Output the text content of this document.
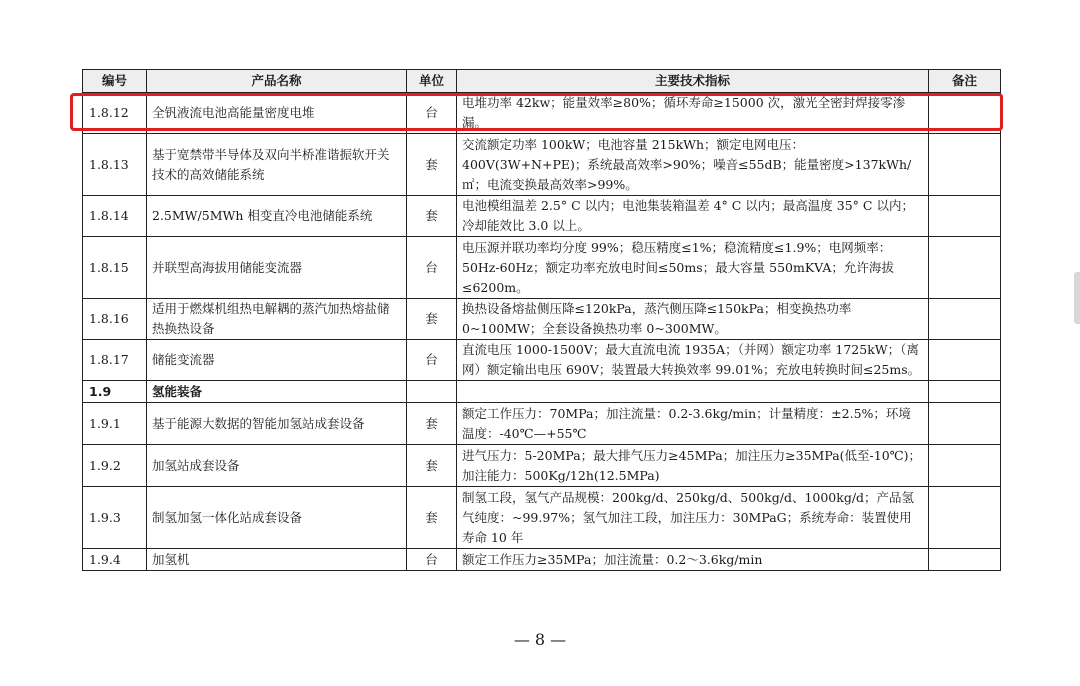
编号	产品名称	单位	主要技术指标	备注
1.8.12	全钒液流电池高能量密度电堆	台	电堆功率 42kw；能量效率≥80%；循环寿命≥15000 次，激光全密封焊接零渗漏。	
1.8.13	基于宽禁带半导体及双向半桥准谐振软开关技术的高效储能系统	套	交流额定功率 100kW；电池容量 215kWh；额定电网电压：400V(3W+N+PE)；系统最高效率>90%；噪音≤55dB；能量密度>137kWh/㎡；电流变换最高效率>99%。	
1.8.14	2.5MW/5MWh 相变直冷电池储能系统	套	电池模组温差 2.5° C 以内；电池集装箱温差 4° C 以内；最高温度 35° C 以内；冷却能效比 3.0 以上。	
1.8.15	并联型高海拔用储能变流器	台	电压源并联功率均分度 99%；稳压精度≤1%；稳流精度≤1.9%；电网频率：50Hz-60Hz；额定功率充放电时间≤50ms；最大容量 550mKVA；允许海拔≤6200m。	
1.8.16	适用于燃煤机组热电解耦的蒸汽加热熔盐储热换热设备	套	换热设备熔盐侧压降≤120kPa，蒸汽侧压降≤150kPa；相变换热功率 0~100MW；全套设备换热功率 0~300MW。	
1.8.17	储能变流器	台	直流电压 1000-1500V；最大直流电流 1935A；（并网）额定功率 1725kW；（离网）额定输出电压 690V；装置最大转换效率 99.01%；充放电转换时间≤25ms。	
1.9	氢能装备			
1.9.1	基于能源大数据的智能加氢站成套设备	套	额定工作压力：70MPa；加注流量：0.2-3.6kg/min；计量精度：±2.5%；环境温度：-40℃—+55℃	
1.9.2	加氢站成套设备	套	进气压力：5-20MPa；最大排气压力≥45MPa；加注压力≥35MPa(低至-10℃)；加注能力：500Kg/12h(12.5MPa)	
1.9.3	制氢加氢一体化站成套设备	套	制氢工段，氢气产品规模：200kg/d、250kg/d、500kg/d、1000kg/d；产品氢气纯度：~99.97%；氢气加注工段，加注压力：30MPaG；系统寿命：装置使用寿命 10 年	
1.9.4	加氢机	台	额定工作压力≥35MPa；加注流量：0.2～3.6kg/min	
— 8 —
